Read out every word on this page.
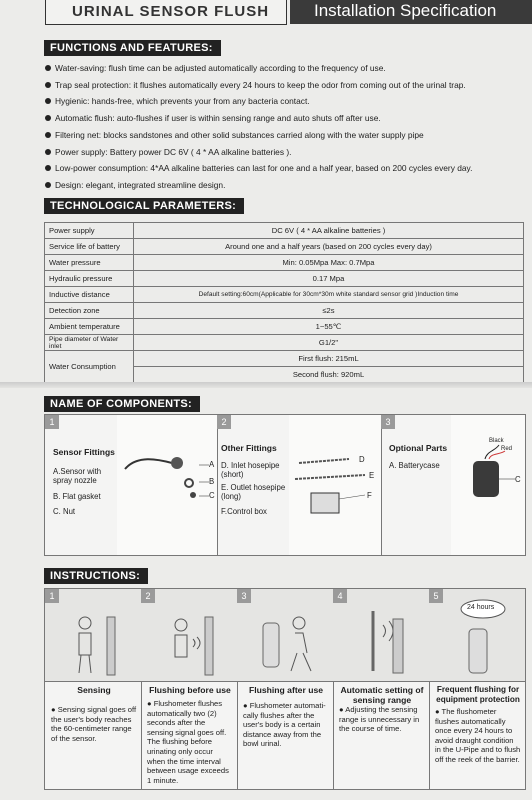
URINAL SENSOR FLUSH	Installation Specification
FUNCTIONS AND FEATURES:
Water-saving: flush time can be adjusted automatically according to the frequency of use.
Trap seal protection: it flushes automatically every 24 hours to keep the odor from coming out of the urinal trap.
Hygienic: hands-free, which prevents your from any bacteria contact.
Automatic flush: auto-flushes if user is within sensing range and auto shuts off after use.
Filtering net: blocks sandstones and other solid substances carried along with the water supply pipe
Power supply: Battery power DC 6V ( 4 * AA alkaline batteries ).
Low-power consumption: 4*AA alkaline batteries can last for one and a half year, based on 200 cycles every day.
Design: elegant, integrated streamline design.
TECHNOLOGICAL PARAMETERS:
Power supply	DC 6V ( 4 * AA alkaline batteries )
Service life of battery	Around one and a half years (based on 200 cycles every day)
Water pressure	Min: 0.05Mpa Max: 0.7Mpa
Hydraulic pressure	0.17 Mpa
Inductive distance	Default setting:60cm(Applicable for 30cm*30m white standard sensor grid )Induction time
Detection zone	≤2s
Ambient temperature	1~55℃
Pipe diameter of Water inlet	G1/2"
Water Consumption	First flush: 215mL
	Second flush: 920mL
NAME OF COMPONENTS:
1
Sensor Fittings
A.Sensor with spray nozzle
B. Flat gasket
C. Nut
A
B
C
2
Other Fittings
D. Inlet hosepipe (short)
E. Outlet hosepipe (long)
F.Control box
D
E
F
3
Optional Parts
A. Batterycase
Black
Red
C
INSTRUCTIONS:
1
Sensing
● Sensing signal goes off the user's body reaches the 60-centimeter range of the sensor.
2
Flushing before use
● Flushometer flushes automatically two (2) seconds after the sensing signal goes off. The flushing before urinating only occur when the time interval between usage exceeds 1 minute.
3
Flushing after use
● Flushometer automati-cally flushes after the user's body is a certain distance away from the bowl urinal.
4
Automatic setting of sensing range
● Adjusting the sensing range is unnecessary in the course of time.
5
24 hours
Frequent flushing for equipment protection
● The flushometer flushes automatically once every 24 hours to avoid draught condition in the U-Pipe and to flush off the reek of the barrier.
